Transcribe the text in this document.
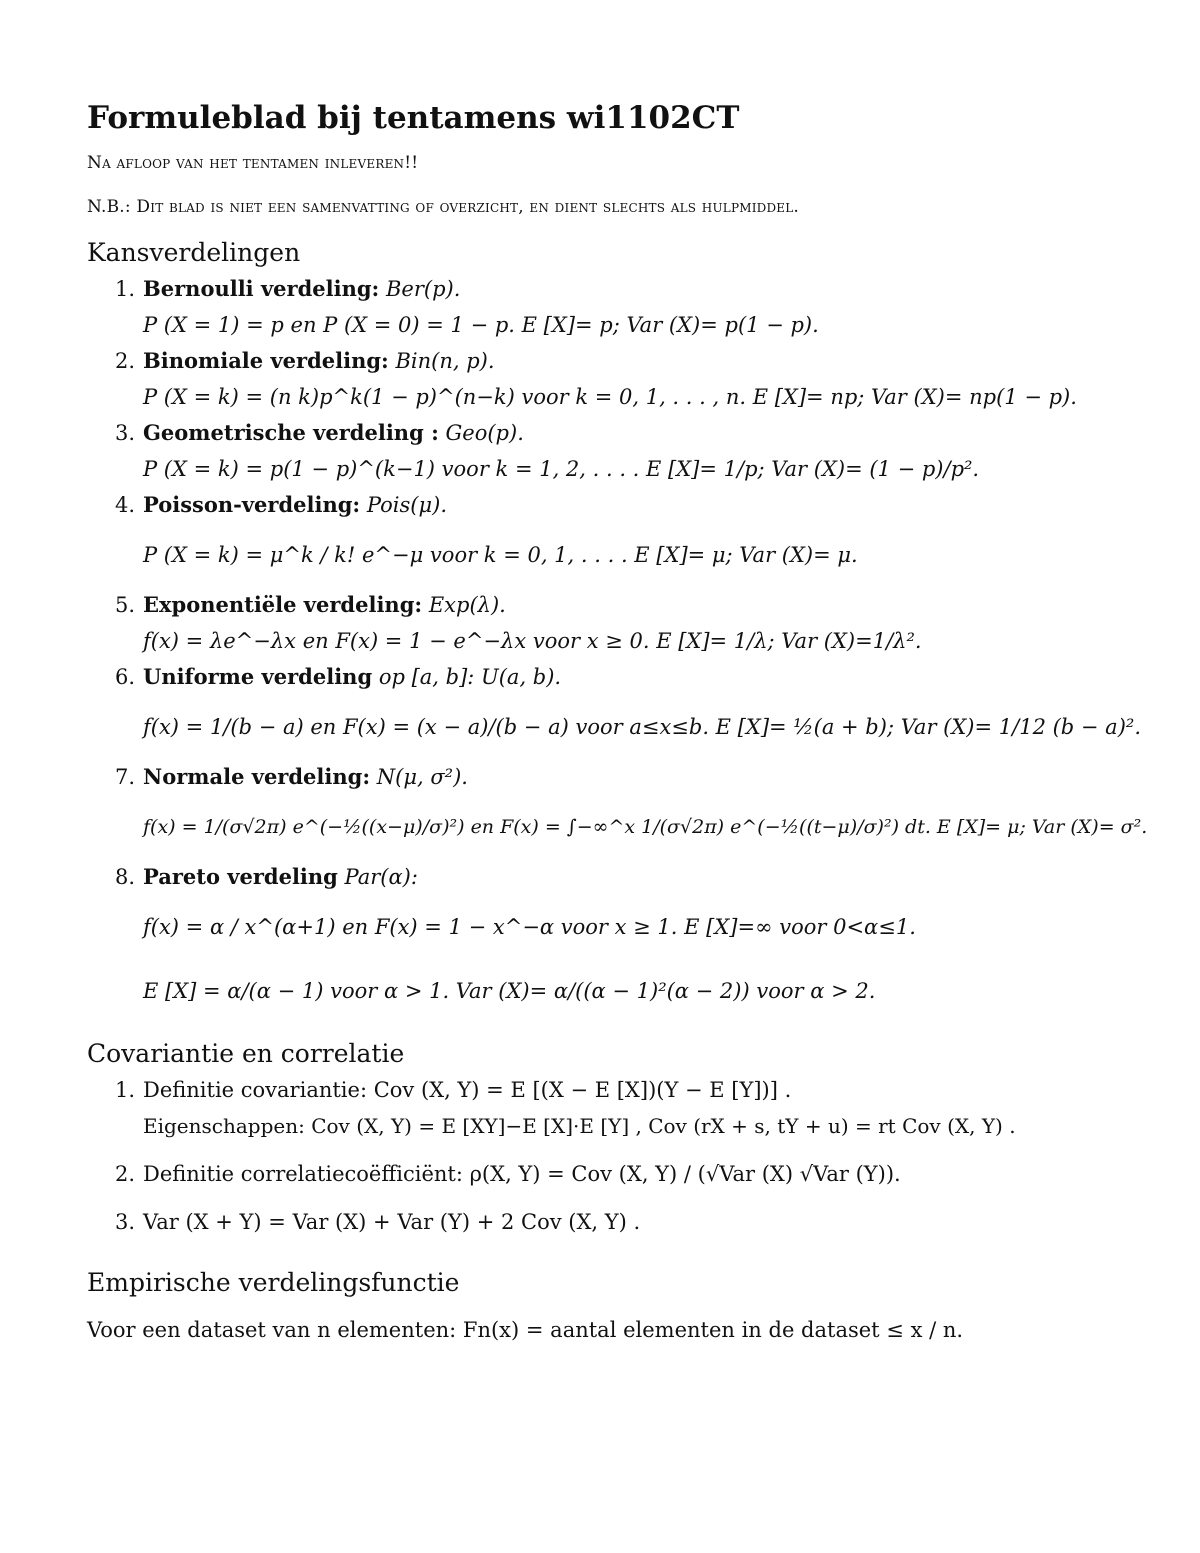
Formuleblad bij tentamens wi1102CT
Na afloop van het tentamen inleveren!!
N.B.: Dit blad is niet een samenvatting of overzicht, en dient slechts als hulpmiddel.
Kansverdelingen
1. Bernoulli verdeling: Ber(p).
P (X = 1) = p en P (X = 0) = 1 − p. E [X]= p; Var (X)= p(1 − p).
2. Binomiale verdeling: Bin(n, p).
P (X = k) = (n k)p^k(1 − p)^(n−k) voor k = 0, 1, . . . , n. E [X]= np; Var (X)= np(1 − p).
3. Geometrische verdeling : Geo(p).
P (X = k) = p(1 − p)^(k−1) voor k = 1, 2, . . . . E [X]= 1/p; Var (X)= (1 − p)/p².
4. Poisson-verdeling: Pois(μ).
P (X = k) = μ^k / k! e^−μ voor k = 0, 1, . . . . E [X]= μ; Var (X)= μ.
5. Exponentiële verdeling: Exp(λ).
f(x) = λe^−λx en F(x) = 1 − e^−λx voor x ≥ 0. E [X]= 1/λ; Var (X)=1/λ².
6. Uniforme verdeling op [a, b]: U(a, b).
f(x) = 1/(b − a) en F(x) = (x − a)/(b − a) voor a≤x≤b. E [X]= ½(a + b); Var (X)= 1/12 (b − a)².
7. Normale verdeling: N(μ, σ²).
f(x) = 1/(σ√2π) e^(−½((x−μ)/σ)²) en F(x) = ∫−∞^x 1/(σ√2π) e^(−½((t−μ)/σ)²) dt. E [X]= μ; Var (X)= σ².
8. Pareto verdeling Par(α):
f(x) = α / x^(α+1) en F(x) = 1 − x^−α voor x ≥ 1. E [X]=∞ voor 0<α≤1.
E [X] = α/(α − 1) voor α > 1. Var (X)= α/((α − 1)²(α − 2)) voor α > 2.
Covariantie en correlatie
1. Definitie covariantie: Cov (X, Y) = E [(X − E [X])(Y − E [Y])] .
Eigenschappen: Cov (X, Y) = E [XY]−E [X]·E [Y] , Cov (rX + s, tY + u) = rt Cov (X, Y) .
2. Definitie correlatiecoëfficiënt: ρ(X, Y) = Cov (X, Y) / (√Var (X) √Var (Y)).
3. Var (X + Y) = Var (X) + Var (Y) + 2 Cov (X, Y) .
Empirische verdelingsfunctie
Voor een dataset van n elementen: Fn(x) = aantal elementen in de dataset ≤ x / n.
